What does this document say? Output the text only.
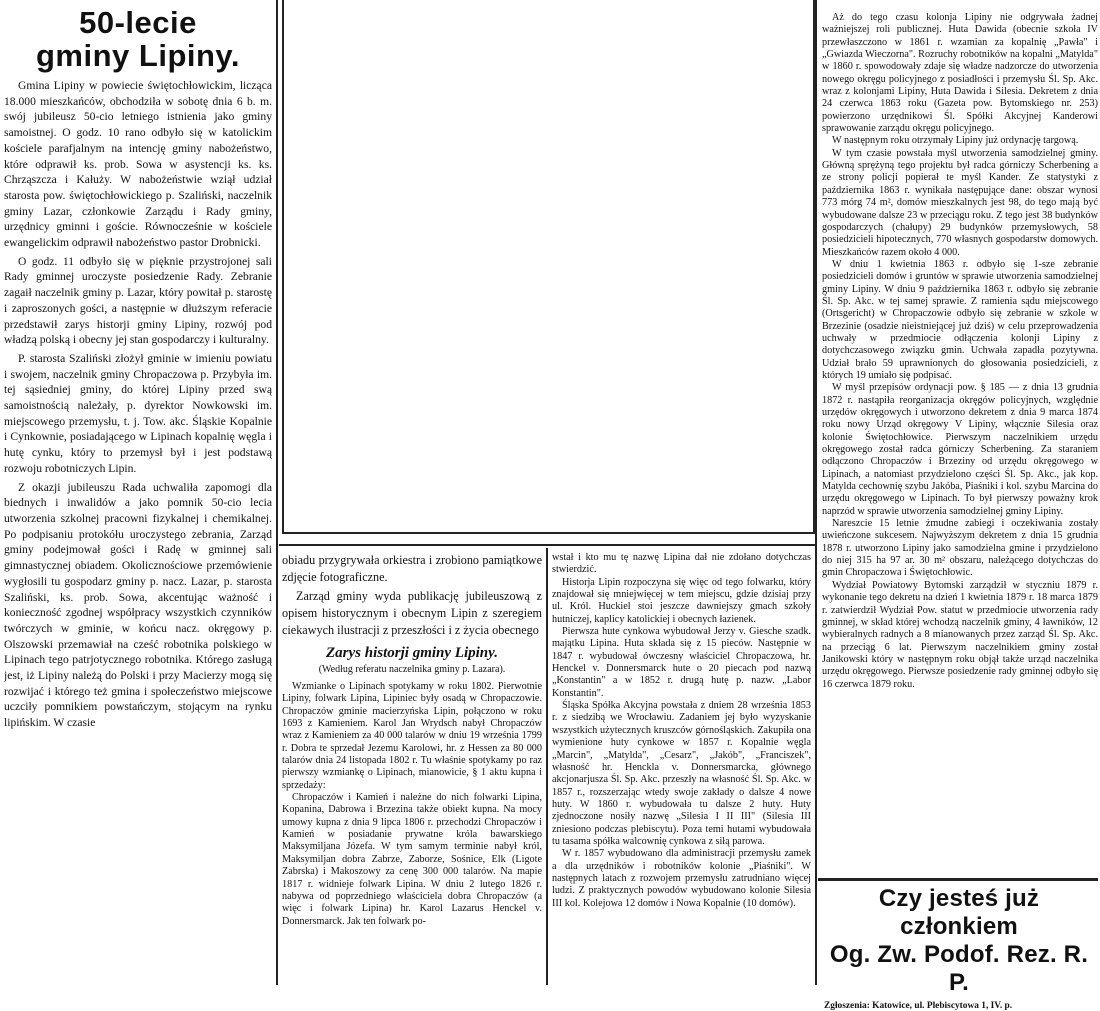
50-lecie
gminy Lipiny.

Gmina Lipiny w powiecie świętochłowickim, licząca 18.000 mieszkańców, obchodziła w sobotę dnia 6 b. m. swój jubileusz 50-cio letniego istnienia jako gminy samoistnej. O godz. 10 rano odbyło się w katolickim kościele parafjalnym na intencję gminy nabożeństwo, które odprawił ks. prob. Sowa w asystencji ks. ks. Chrząszcza i Kałuży. W nabożeństwie wziął udział starosta pow. świętochłowickiego p. Szaliński, naczelnik gminy Lazar, członkowie Zarządu i Rady gminy, urzędnicy gminni i goście. Równocześnie w kościele ewangelickim odprawił nabożeństwo pastor Drobnicki.

O godz. 11 odbyło się w pięknie przystrojonej sali Rady gminnej uroczyste posiedzenie Rady. Zebranie zagaił naczelnik gminy p. Lazar, który powitał p. starostę i zaproszonych gości, a następnie w dłuższym referacie przedstawił zarys historji gminy Lipiny, rozwój pod władzą polską i obecny jej stan gospodarczy i kulturalny.

P. starosta Szaliński złożył gminie w imieniu powiatu i swojem, naczelnik gminy Chropaczowa p. Przybyła im. tej sąsiedniej gminy, do której Lipiny przed swą samoistnością należały, p. dyrektor Nowkowski im. miejscowego przemysłu, t. j. Tow. akc. Śląskie Kopalnie i Cynkownie, posiadającego w Lipinach kopalnię węgla i hutę cynku, który to przemysł był i jest podstawą rozwoju robotniczych Lipin.

Z okazji jubileuszu Rada uchwaliła zapomogi dla biednych i inwalidów a jako pomnik 50-cio lecia utworzenia szkolnej pracowni fizykalnej i chemikalnej. Po podpisaniu protokółu uroczystego zebrania, Zarząd gminy podejmował gości i Radę w gminnej sali gimnastycznej obiadem. Okolicznościowe przemówienie wygłosili tu gospodarz gminy p. nacz. Lazar, p. starosta Szaliński, ks. prob. Sowa, akcentując ważność i konieczność zgodnej współpracy wszystkich czynników twórczych w gminie, w końcu nacz. okręgowy p. Olszowski przemawiał na cześć robotnika polskiego w Lipinach tego patrjotycznego robotnika. Którego zasługą jest, iż Lipiny należą do Polski i przy Macierzy mogą się rozwijać i którego też gmina i społeczeństwo miejscowe uczciły pomnikiem powstańczym, stojącym na rynku lipińskim. W czasie

obiadu przygrywała orkiestra i zrobiono pamiątkowe zdjęcie fotograficzne.

Zarząd gminy wyda publikację jubileuszową z opisem historycznym i obecnym Lipin z szeregiem ciekawych ilustracji z przeszłości i z życia obecnego

Zarys historji gminy Lipiny.
(Według referatu naczelnika gminy p. Lazara).

Wzmianke o Lipinach spotykamy w roku 1802. Pierwotnie Lipiny, folwark Lipina, Lipiniec były osadą w Chropaczowie. Chropaczów gminie macierzyńska Lipin, połączono w roku 1693 z Kamieniem. Karol Jan Wrydsch nabył Chropaczów wraz z Kamieniem za 40 000 talarów w dniu 19 września 1799 r. Dobra te sprzedał Jezemu Karolowi, hr. z Hessen za 80 000 talarów dnia 24 listopada 1802 r. Tu właśnie spotykamy po raz pierwszy wzmiankę o Lipinach, mianowicie, § 1 aktu kupna i sprzedaży:

Chropaczów i Kamień i należne do nich folwarki Lipina, Kopanina, Dabrowa i Brzezina także obiekt kupna. Na mocy umowy kupna z dnia 9 lipca 1806 r. przechodzi Chropaczów i Kamień w posiadanie prywatne króla bawarskiego Maksymiljana Józefa. W tym samym terminie nabył król, Maksymiljan dobra Zabrze, Zaborze, Sośnice, Elk (Ligote Zabrska) i Makoszowy za cenę 300 000 talarów. Na mapie 1817 r. widnieje folwark Lipina. W dniu 2 lutego 1826 r. nabywa od poprzedniego właściciela dobra Chropaczów (a więc i folwark Lipina) hr. Karol Lazarus Henckel v. Donnersmarck. Jak ten folwark po-

wstał i kto mu tę nazwę Lipina dał nie zdołano dotychczas stwierdzić.

Historja Lipin rozpoczyna się więc od tego folwarku, który znajdował się mniejwięcej w tem miejscu, gdzie dzisiaj przy ul. Król. Huckiel stoi jeszcze dawniejszy gmach szkoły hutniczej, kaplicy katolickiej i obecnych łazienek.

Pierwsza hute cynkowa wybudował Jerzy v. Giesche szadk. majątku Lipina. Huta składa się z 15 pieców. Następnie w 1847 r. wybudował ówczesny właściciel Chropaczowa, hr. Henckel v. Donnersmarck hute o 20 piecach pod nazwą „Konstantin" a w 1852 r. drugą hutę p. nazw. „Labor Konstantin".

Śląska Spółka Akcyjna powstała z dniem 28 września 1853 r. z siedzibą we Wrocławiu. Zadaniem jej było wyzyskanie wszystkich użytecznych kruszców górnośląskich. Zakupiła ona wymienione huty cynkowe w 1857 r. Kopalnie węgla „Marcin", „Matylda", „Cesarz", „Jakób", „Franciszek", własność hr. Henckla v. Donnersmarcka, głównego akcjonarjusza Śl. Sp. Akc. przeszły na własność Śl. Sp. Akc. w 1857 r., rozszerzając wtedy swoje zakłady o dalsze 4 nowe huty. W 1860 r. wybudowała tu dalsze 2 huty. Huty zjednoczone nosiły nazwę „Silesia I II III" (Silesia III zniesiono podczas plebiscytu). Poza temi hutami wybudowała tu tasama spółka walcownię cynkowa z siłą parowa.

W r. 1857 wybudowano dla administracji przemysłu zamek a dla urzędników i robotników kolonie „Piaśniki". W następnych latach z rozwojem przemysłu zatrudniano więcej ludzi. Z praktycznych powodów wybudowano kolonie Silesia III kol. Kolejowa 12 domów i Nowa Kopalnie (10 domów).

Aż do tego czasu kolonja Lipiny nie odgrywała żadnej ważniejszej roli publicznej. Huta Dawida (obecnie szkoła IV przewłaszczono w 1861 r. wzamian za kopalnię „Pawła" i „Gwiazda Wieczorna". Rozruchy robotników na kopalni „Matylda" w 1860 r. spowodowały zdaje się władze nadzorcze do utworzenia nowego okręgu policyjnego z posiadłości i przemysłu Śl. Sp. Akc. wraz z kolonjami Lipiny, Huta Dawida i Silesia. Dekretem z dnia 24 czerwca 1863 roku (Gazeta pow. Bytomskiego nr. 253) powierzono urzędnikowi Śl. Spółki Akcyjnej Kanderowi sprawowanie zarządu okręgu policyjnego.

W następnym roku otrzymały Lipiny już ordynację targową.

W tym czasie powstała myśl utworzenia samodzielnej gminy. Główną sprężyną tego projektu był radca górniczy Scherbening a ze strony policji popierał te myśl Kander. Ze statystyki z października 1863 r. wynikała następujące dane: obszar wynosi 773 mórg 74 m², domów mieszkalnych jest 98, do tego mają być wybudowane dalsze 23 w przeciągu roku. Z tego jest 38 budynków gospodarczych (chałupy) 29 budynków przemysłowych, 58 posiedzicieli hipotecznych, 770 własnych gospodarstw domowych. Mieszkańców razem około 4 000.

W dniu 1 kwietnia 1863 r. odbyło się 1-sze zebranie posiedzicieli domów i gruntów w sprawie utworzenia samodzielnej gminy Lipiny. W dniu 9 października 1863 r. odbyło się zebranie Śl. Sp. Akc. w tej samej sprawie. Z ramienia sądu miejscowego (Ortsgericht) w Chropaczowie odbyło się zebranie w szkole w Brzezinie (osadzie nieistniejącej już dziś) w celu przeprowadzenia uchwały w przedmiocie odłączenia kolonji Lipiny z dotychczasowego związku gmin. Uchwała zapadła pozytywna. Udział brało 59 uprawnionych do głosowania posiedzicieli, z których 19 umiało się podpisać.

W myśl przepisów ordynacji pow. § 185 — z dnia 13 grudnia 1872 r. nastąpiła reorganizacja okręgów policyjnych, względnie urzędów okręgowych i utworzono dekretem z dnia 9 marca 1874 roku nowy Urząd okręgowy V Lipiny, włącznie Silesia oraz kolonie Świętochłowice. Pierwszym naczelnikiem urzędu okręgowego został radca górniczy Scherbening. Za staraniem odłączono Chropaczów i Brzeziny od urzędu okręgowego w Lipinach, a natomiast przydzielono części Śl. Sp. Akc., jak kop. Matylda cechownię szybu Jakóba, Piaśniki i kol. szybu Marcina do urzędu okręgowego w Lipinach. To był pierwszy poważny krok naprzód w sprawie utworzenia samodzielnej gminy Lipiny.

Nareszcie 15 letnie żmudne zabiegi i oczekiwania zostały uwieńczone sukcesem. Najwyższym dekretem z dnia 15 grudnia 1878 r. utworzono Lipiny jako samodzielna gmine i przydzielono do niej 315 ha 97 ar. 30 m² obszaru, należącego dotychczas do gmin Chropaczowa i Świętochłowic.

Wydział Powiatowy Bytomski zarządził w styczniu 1879 r. wykonanie tego dekretu na dzień 1 kwietnia 1879 r. 18 marca 1879 r. zatwierdził Wydział Pow. statut w przedmiocie utworzenia rady gminnej, w skład której wchodzą naczelnik gminy, 4 ławników, 12 wybieralnych radnych a 8 mianowanych przez zarząd Śl. Sp. Akc. na przeciąg 6 lat. Pierwszym naczelnikiem gminy został Janikowski który w następnym roku objął także urząd naczelnika urzędu okręgowego. Pierwsze posiedzenie rady gminnej odbyło się 16 czerwca 1879 roku.

Czy jesteś już członkiem
Og. Zw. Podof. Rez. R. P.
Zgłoszenia: Katowice, ul. Plebiscytowa 1, IV. p.
